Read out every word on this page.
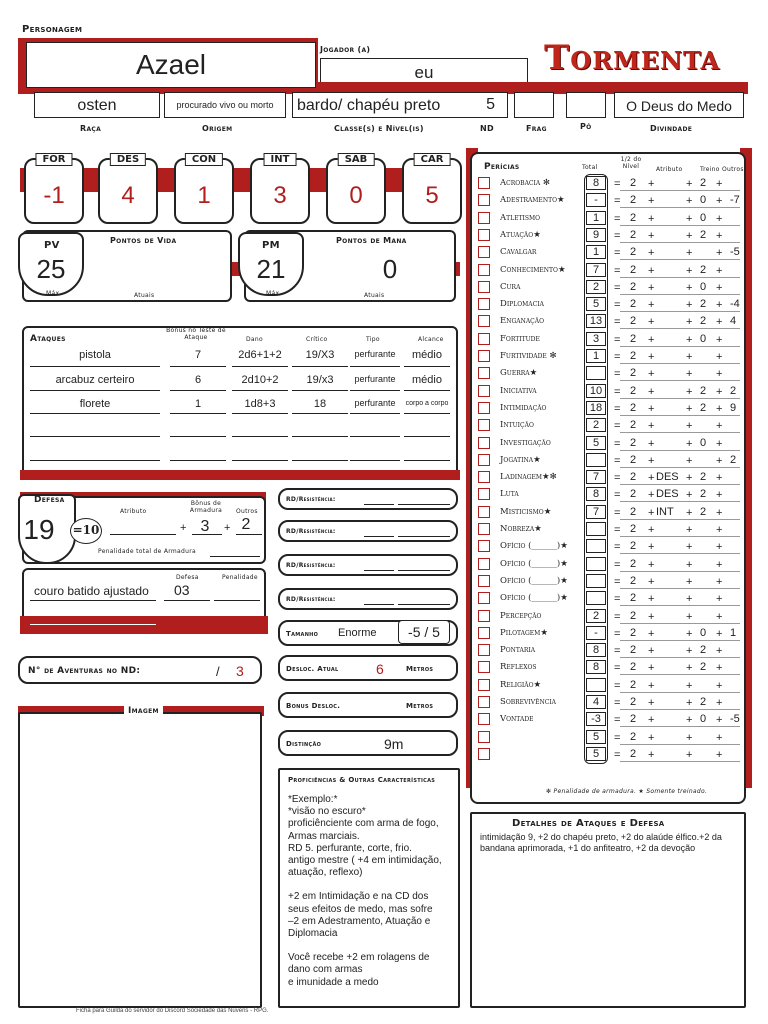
Personagem
Azael	Jogador (a)
eu	Tormenta
osten	procurado vivo ou morto	bardo/ chapéu preto	5	O Deus do Medo
Raça	Origem	Classe(s) e Nível(is)	ND	Frag	Pó	Divindade
FOR
-1
DES
4
CON
1
INT
3
SAB
0
CAR
5
PV
25
Máx.
Pontos de Vida
Atuais
PM
21
Máx.
Pontos de Mana
0
Atuais
Ataques
Bônus no Teste de Ataque	Dano	Crítico	Tipo	Alcance
pistola	7	2d6+1+2	19/X3	perfurante	médio
arcabuz certeiro	6	2d10+2	19/x3	perfurante	médio
florete	1	1d8+3	18	perfurante	corpo a corpo
Defesa
19 =10
Atributo
Bônus de Armadura	Outros
+ 3	+ 2
Penalidade total de Armadura
couro batido ajustado
Defesa	Penalidade
03
RD/Resistência:
RD/Resistência:
RD/Resistência:
RD/Resistência:
Tamanho Enorme	-5 / 5
N° de Aventuras no ND:	/ 3	Desloc. Atual	6	Metros
Bonus Desloc.	Metros
Distinção	9m
Imagem
Proficiências & Outras Características
*Exemplo:*
*visão no escuro*
proficiênciente com arma de fogo,
Armas marciais.
RD 5. perfurante, corte, frio.
antigo mestre ( +4 em intimidação,
atuação, reflexo)
+2 em Intimidação e na CD dos
seus efeitos de medo, mas sofre
–2 em Adestramento, Atuação e
Diplomacia
Você recebe +2 em rolagens de
dano com armas
e imunidade a medo
Perícias	Total
1/2 do Nível	Atributo	Treino Outros
Acrobacia ✻	8	= 2 +	+ 2 +
Adestramento★	-	= 2 +	+ 0 + -7
Atletismo	1	= 2 +	+ 0 +
Atuação★	9	= 2 +	+ 2 +
Cavalgar	1	= 2 +	+ + -5
Conhecimento★	7	= 2 +	+ 2 +
Cura	2	= 2 +	+ 0 +
Diplomacia	5	= 2 +	+ 2 + -4
Enganação	13	= 2 +	+ 2 + 4
Fortitude	3	= 2 +	+ 0 +
Furtividade ✻	1	= 2 +	+ +
Guerra★	= 2 +	+ +
Iniciativa	10	= 2 +	+ 2 + 2
Intimidação	18	= 2 +	+ 2 + 9
Intuição	2	= 2 +	+ +
Investigação	5	= 2 +	+ 0 +
Jogatina★	= 2 +	+ + 2
Ladinagem★✻	7	= 2 + DES + 2 +
Luta	8	= 2 + DES + 2 +
Misticismo★	7	= 2 + INT + 2 +
Nobreza★	= 2 +	+ +
Ofício (______)★	= 2 +	+ +
Ofício (______)★	= 2 +	+ +
Ofício (______)★	= 2 +	+ +
Ofício (______)★	= 2 +	+ +
Percepção	2	= 2 +	+ +
Pilotagem★	-	= 2 +	+ 0 + 1
Pontaria	8	= 2 +	+ 2 +
Reflexos	8	= 2 +	+ 2 +
Religião★	= 2 +	+ +
Sobrevivência	4	= 2 +	+ 2 +
Vontade	-3	= 2 +	+ 0 + -5
5	= 2 +	+ +
5	= 2 +	+ +
✻ Penalidade de armadura. ★ Somente treinado.
Detalhes de Ataques e Defesa
intimidação 9, +2 do chapéu preto, +2 do alaúde élfico.+2 da bandana aprimorada, +1 do anfiteatro, +2 da devoção
Ficha para Guilda do servidor do Discord Sociedade das Nuvens - RPG.
